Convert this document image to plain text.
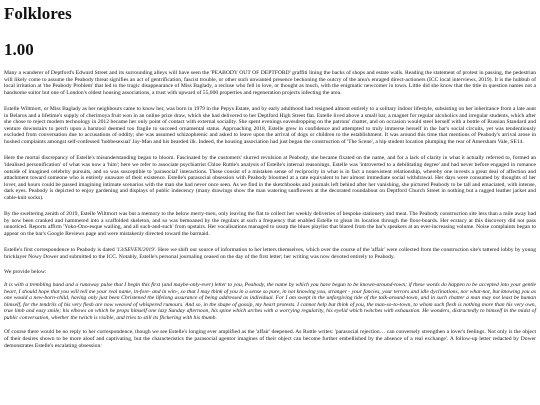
Folklores
1.00

Many a wanderer of Deptford's Edward Street and its surrounding alleys will have seen the 'PEABODY OUT OF DEPTFORD' graffiti lining the backs of shops and estate walls. Reading the statement of protest in passing, the pedestrian will likely come to assume the Peabody threat signifies an act of gentrification, fascist trouble, or other such unwanted presence beckoning the outcry of the area's enraged direct-actioners (ICC local interviews, 2019). It is the hubbub of local irritation at 'the Peabody Problem' that led to the tragic disappearance of Miss Baglady, a recluse who fell in love, or thought as much, with the enigmatic newcomer in town. Little did she know that the title in question names not a handsome suitor but one of London's oldest housing associations, a trust with upward of 55,000 properties and regeneration projects infecting the area.

Estelle Wiltmort, or Miss Baglady as her neighbours came to know her, was born in 1979 in the Pepys Estate, and by early adulthood had resigned almost entirely to a solitary indoor lifestyle, subsisting on her inheritance from a late aunt in Belarus and a lifetime's supply of cherimoya fruit won in an online prize draw, which she had delivered to her Deptford High Street flat. Estelle lived above a small bar, a magnet for regular alcoholics and irregular students, which after she chose to reject modern technology in 2012 became her only point of contact with external sociality. She spent evenings eavesdropping on the patrons' chatter, and on occasion would steel herself with a bottle of Russian Standard and venture downstairs to perch upon a barstool deemed too fragile to succeed ornamental status. Approaching 2018, Estelle grew in confidence and attempted to truly immerse herself in the bar's social circuits, yet was tendentiously excluded from conversation due to accusations of oddity; she was assumed schizophrenic and asked to leave upon the arrival of dogs or children to the establishment. It was around this time that mentions of Peabody's arrival arose in hushed complaints amongst self-confessed 'hobbesexual' Jay-Man and his bearded ilk. Indeed, the housing association had just began the construction of 'The Scene', a hip student location plumping the rear of Amersham Vale, SE14.

Here the mortal discrepancy of Estelle's misunderstanding began to bloom. Fascinated by the customers' slurred revulsion at Peabody, she became fixated on the name, and for a lack of clarity in what it actually referred to, formed an 'idealised personification' of what was now a 'him'; here we refer to associate psychiatrist Chloe Ruttle's analysis of Estelle's internal reasonings. Estelle was 'introverted to a debilitating degree' and had never before engaged in romance outside of imagined celebrity pursuits, and so was susceptible to 'parasocial' interactions. These consist of a mistaken sense of reciprocity in what is in fact a nonexistent relationship, whereby one invests a great deal of affection and attachment toward someone who is entirely unaware of their existence. Estelle's parasocial obsession with Peabody bloomed at a rate equivalent to her almost immediate social withdrawal. Her days were consumed by thoughts of her lover, and hours could be passed imagining intimate scenarios with the man she had never once seen. As we find in the sketchbooks and journals left behind after her vanishing, she pictured Peabody to be tall and emaciated, with intense, dark eyes. Peabody is depicted to enjoy gardening and displays of public indecency (many drawings show the man watering sunflowers at the decorated roundabout on Deptford Church Street in nothing but a ragged leather jacket and cable-knit socks).

By the sweltering zenith of 2019, Estelle Wiltmort was but a memory to the below merry-men, only leaving the flat to collect her weekly deliveries of bespoke stationery and meat. The Peabody construction site less than a mile away had by now been cranked and hammered into a scaffolded skeleton, and so was bemoaned by the regulars at such a frequency that enabled Estelle to glean its location through the floor-boards. Her ecstacy at this discovery did not pass unnoticed. Reports affirm 'Yoko-Ono-esque wailing, and all such-and-such' from upstairs. Her vocalisations managed to usurp the blues playlist that blared from the bar's speakers at an ever-increasing volume. Noise complaints began to appear on the bar's Google Reviews page and were mistakenly directed toward the barmaid.

Estelle's first correspondence to Peabody is dated '13/SEVEN/2019'. Here we shift our source of information to her letters themselves, which over the course of the 'affair' were collected from the construction site's tattered lobby by young bricklayer Nowy Dower and submitted to the ICC. Notably, Estelle's personal journaling ceased on the day of the first letter; her writing was now devoted entirely to Peabody.

We provide below:

It is with a trembling hand and a runaway pulse that I begin this first (and maybe-only-ever) letter to you, Peabody, the name by which you have begun to be known-around-town; if these words do happen to be accepted into your gentle heart, I should hope that you will tell me your real name, in-fore- and in win-, so that I may think of you in a sense so pure, in not knowing you, stranger - your fancies, your terrors and idle dyclinations, nor what-not, but knowing you as one would a new-born-child, having only just been Christened the lifelong assurance of being addressed as individual. For I am swept in the unforgiving tide of the talk-around-town, and in such chatter a man may not least be human himself, for the tendrils of his very flesh are now weaved of whispered rumours. And so, in the shape of gossip, my heart protests. I cannot help but think of you, the man-so-to-town, to whom such flesh is nothing more than his very own, true limb and easy smile; his elbows on which he props himself one lazy Sunday afternoon, his spine which arches with a worrying regularity, his eyelid which twitches with exhaustion. He wonders, distractedly to himself in the midst of public conversation, whether the twitch is visible, and tries to still its flickering with his thumb.

Of course there would be no reply to her correspondence, though we see Estelle's longing ever amplified as the 'affair' deepened. As Ruttle writes: 'parasocial rejection… can conversely strengthen a lover's feelings. Not only is the object of their desires shown to be more aloof and captivating, but the characteristics the parasocial agentor imagines of their object can become further embellished by the absence of a real exchange'. A follow-up letter redacted by Dower demonstrates Estelle's escalating obsession:
